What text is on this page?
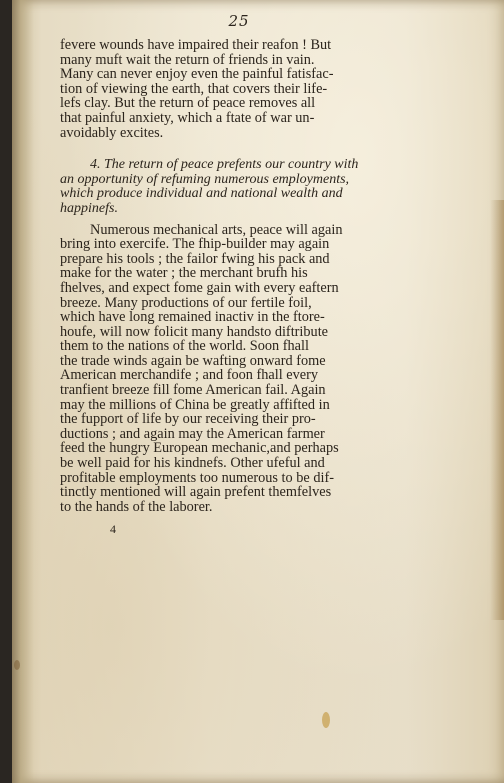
25
fevere wounds have impaired their reafon ! But
many muft wait the return of friends in vain.
Many can never enjoy even the painful fatisfac-
tion of viewing the earth, that covers their life-
lefs clay. But the return of peace removes all
that painful anxiety, which a ftate of war un-
avoidably excites.
4. The return of peace prefents our country with
an opportunity of refuming numerous employments,
which produce individual and national wealth and
happinefs.
Numerous mechanical arts, peace will again
bring into exercife. The fhip-builder may again
prepare his tools ; the failor fwing his pack and
make for the water ; the merchant brufh his
fhelves, and expect fome gain with every eaftern
breeze. Many productions of our fertile foil,
which have long remained inactiv in the ftore-
houfe, will now folicit many handsto diftribute
them to the nations of the world. Soon fhall
the trade winds again be wafting onward fome
American merchandife ; and foon fhall every
tranfient breeze fill fome American fail. Again
may the millions of China be greatly affifted in
the fupport of life by our receiving their pro-
ductions ; and again may the American farmer
feed the hungry European mechanic,and perhaps
be well paid for his kindnefs. Other ufeful and
profitable employments too numerous to be dif-
tinctly mentioned will again prefent themfelves
to the hands of the laborer.
4
